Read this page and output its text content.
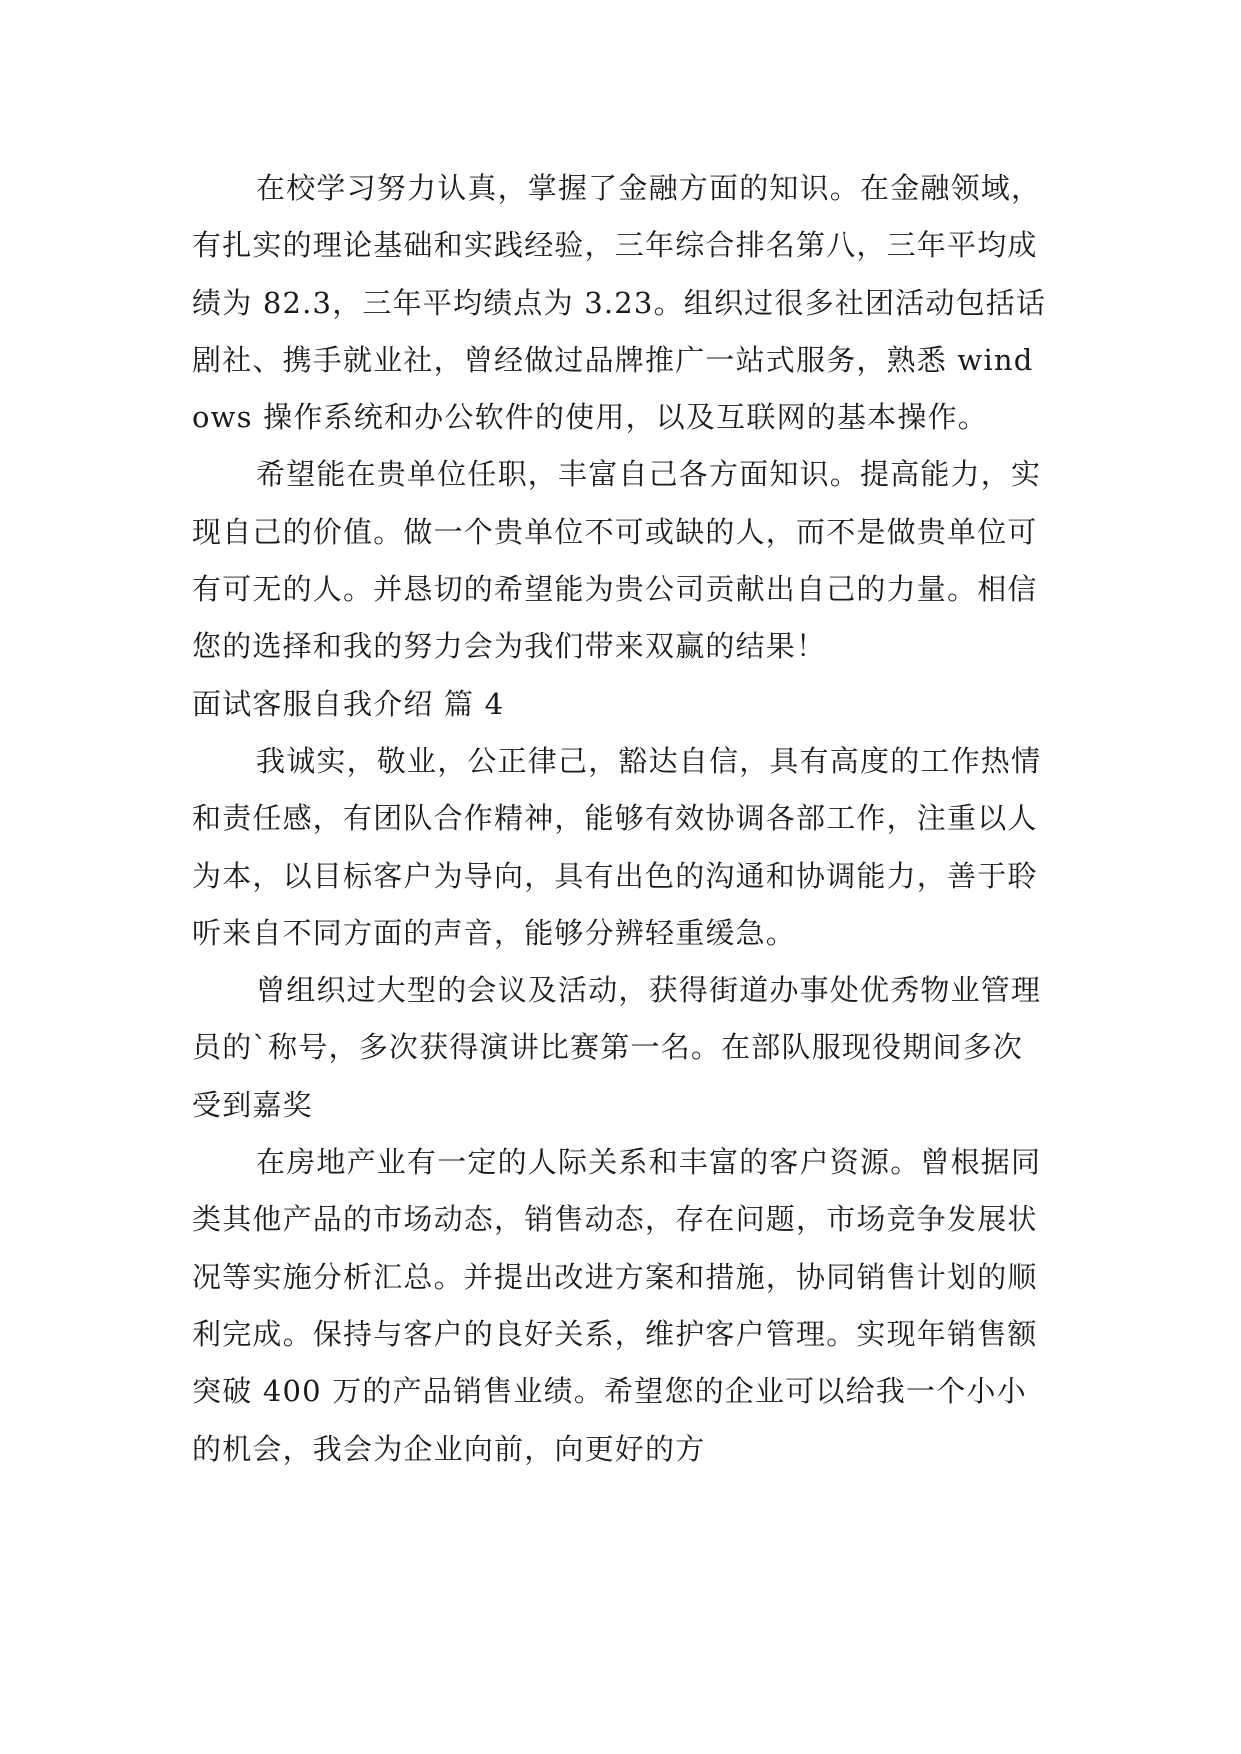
在校学习努力认真，掌握了金融方面的知识。在金融领域，有扎实的理论基础和实践经验，三年综合排名第八，三年平均成绩为 82.3，三年平均绩点为 3.23。组织过很多社团活动包括话剧社、携手就业社，曾经做过品牌推广一站式服务，熟悉 windows 操作系统和办公软件的使用，以及互联网的基本操作。

希望能在贵单位任职，丰富自己各方面知识。提高能力，实现自己的价值。做一个贵单位不可或缺的人，而不是做贵单位可有可无的人。并恳切的希望能为贵公司贡献出自己的力量。相信您的选择和我的努力会为我们带来双赢的结果！

面试客服自我介绍 篇 4

我诚实，敬业，公正律己，豁达自信，具有高度的工作热情和责任感，有团队合作精神，能够有效协调各部工作，注重以人为本，以目标客户为导向，具有出色的沟通和协调能力，善于聆听来自不同方面的声音，能够分辨轻重缓急。

曾组织过大型的会议及活动，获得街道办事处优秀物业管理员的`称号，多次获得演讲比赛第一名。在部队服现役期间多次受到嘉奖

在房地产业有一定的人际关系和丰富的客户资源。曾根据同类其他产品的市场动态，销售动态，存在问题，市场竞争发展状况等实施分析汇总。并提出改进方案和措施，协同销售计划的顺利完成。保持与客户的良好关系，维护客户管理。实现年销售额突破 400 万的产品销售业绩。希望您的企业可以给我一个小小的机会，我会为企业向前，向更好的方
